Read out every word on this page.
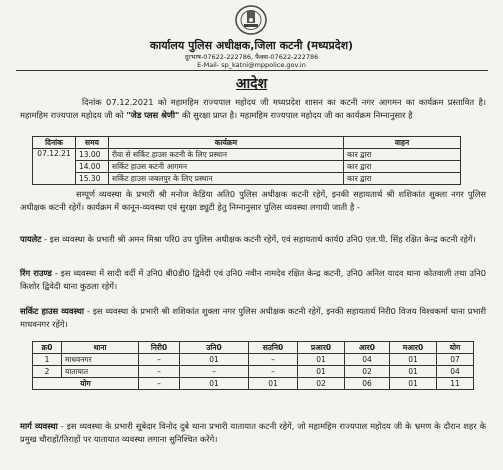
कार्यालय पुलिस अधीक्षक,जिला कटनी (मध्यप्रदेश)
दूरभाष-07622-222786, फैक्स-07622-222786
E-Mail- sp_katni@mppolice.gov.in
आदेश

दिनांक 07.12.2021 को महामहिम राज्यपाल महोदय जी मध्यप्रदेश शासन का कटनी नगर आगमन का कार्यक्रम प्रस्तावित है। महामहिम राज्यपाल महोदय जी को "जेड प्लस श्रेणी" की सुरक्षा प्राप्त है। महामहिम राज्यपाल महोदय जी का कार्यक्रम निम्नानुसार है

दिनांक	समय	कार्यक्रम	वाहन
07.12.21	13.00	रीवा से सर्किट हाउस कटनी के लिए प्रस्थान	कार द्वारा
	14.00	सर्किट हाउस कटनी आगमन	कार द्वारा
	15.30	सर्किट हाउस जबलपुर के लिए प्रस्थान	कार द्वारा

सम्पूर्ण व्यवस्था के प्रभारी श्री मनोज केडिया अति0 पुलिस अधीक्षक कटनी रहेगें, इनकी सहायतार्थ श्री शशिकांत शुक्ला नगर पुलिस अधीक्षक कटनी रहेगें। कार्यक्रम में कानून-व्यवस्था एवं सुरक्षा ड्युटी हेतु निम्नानुसार पुलिस व्यवस्था लगायी जाती है -

पायलेट - इस व्यवस्था के प्रभारी श्री अमन मिश्रा परि0 उप पुलिस अधीक्षक कटनी रहेगें, एवं सहायतार्थ कार्य0 उनि0 एल.पी. सिंह रक्षित केन्द्र कटनी रहेगें।

रिंग राउण्ड - इस व्यवस्था में सादी वर्दी में उनि0 बी0डी0 द्विवेदी एवं उनि0 नवीन नामदेव रक्षित केन्द्र कटनी, उनि0 अनिल यादव थाना कोतवाली तथा उनि0 किशोर द्विवेदी थाना कुठला रहेगें।

सर्किट हाउस व्यवस्था - इस व्यवस्था के प्रभारी श्री शशिकांत शुक्ला नगर पुलिस अधीक्षक कटनी रहेगें, इनकी सहायतार्थ निरी0 विजय विश्वकर्मा थाना प्रभारी माधवनगर रहेंगे।

क्र0	थाना	निरी0	उनि0	सउनि0	प्रआर0	आर0	मआर0	योग
1	माधवनगर	–	01	–	01	04	01	07
2	यातायात	–	–	–	01	02	01	04
योग		–	01	01	02	06	01	11

मार्ग व्यवस्था - इस व्यवस्था के प्रभारी सूबेदार विनोद दुबे थाना प्रभारी यातायात कटनी रहेगें, जो महामहिम राज्यपाल महोदय जी के भ्रमण के दौरान शहर के प्रमुख चौराहों/तिराहों पर यातायात व्यवस्था लगाना सुनिश्चित करेंगे।
